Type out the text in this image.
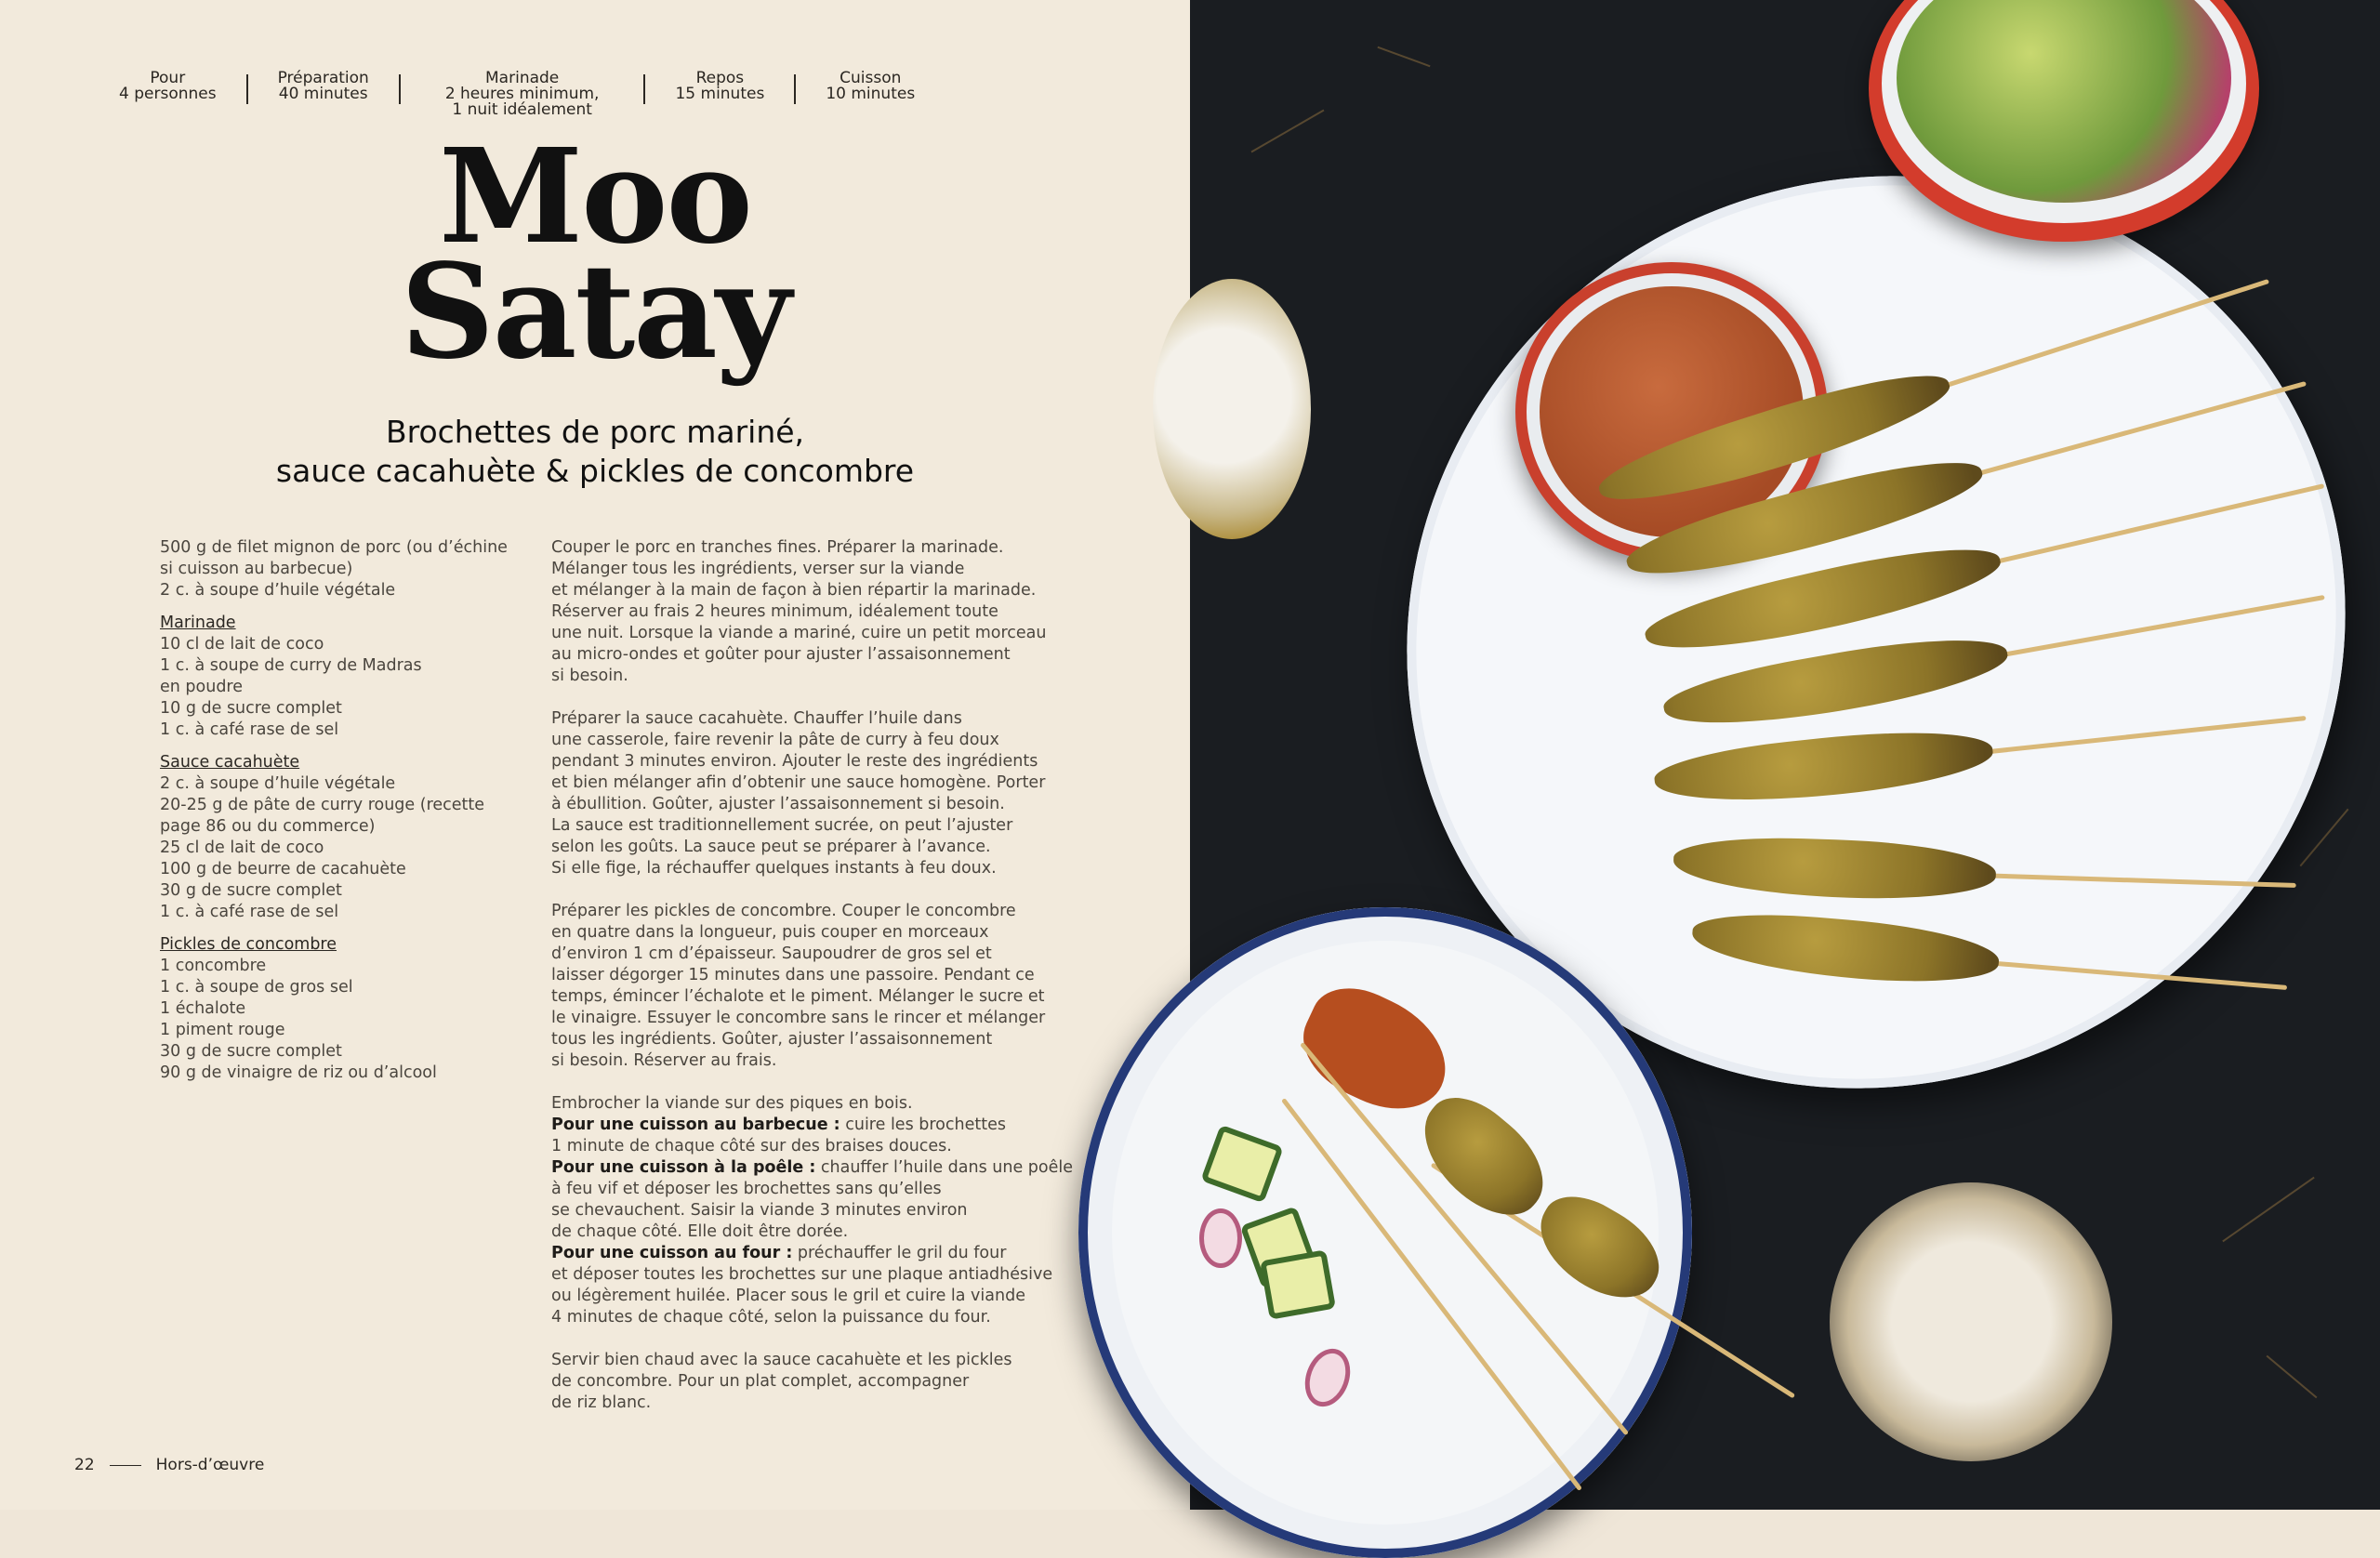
Pour
4 personnes
Préparation
40 minutes
Marinade
2 heures minimum,
1 nuit idéalement
Repos
15 minutes
Cuisson
10 minutes
Moo
Satay
Brochettes de porc mariné,
sauce cacahuète & pickles de concombre
500 g de filet mignon de porc (ou d’échine
si cuisson au barbecue)
2 c. à soupe d’huile végétale
Marinade
10 cl de lait de coco
1 c. à soupe de curry de Madras
en poudre
10 g de sucre complet
1 c. à café rase de sel
Sauce cacahuète
2 c. à soupe d’huile végétale
20-25 g de pâte de curry rouge (recette
page 86 ou du commerce)
25 cl de lait de coco
100 g de beurre de cacahuète
30 g de sucre complet
1 c. à café rase de sel
Pickles de concombre
1 concombre
1 c. à soupe de gros sel
1 échalote
1 piment rouge
30 g de sucre complet
90 g de vinaigre de riz ou d’alcool
Couper le porc en tranches fines. Préparer la marinade.
Mélanger tous les ingrédients, verser sur la viande
et mélanger à la main de façon à bien répartir la marinade.
Réserver au frais 2 heures minimum, idéalement toute
une nuit. Lorsque la viande a mariné, cuire un petit morceau
au micro-ondes et goûter pour ajuster l’assaisonnement
si besoin.
Préparer la sauce cacahuète. Chauffer l’huile dans
une casserole, faire revenir la pâte de curry à feu doux
pendant 3 minutes environ. Ajouter le reste des ingrédients
et bien mélanger afin d’obtenir une sauce homogène. Porter
à ébullition. Goûter, ajuster l’assaisonnement si besoin.
La sauce est traditionnellement sucrée, on peut l’ajuster
selon les goûts. La sauce peut se préparer à l’avance.
Si elle fige, la réchauffer quelques instants à feu doux.
Préparer les pickles de concombre. Couper le concombre
en quatre dans la longueur, puis couper en morceaux
d’environ 1 cm d’épaisseur. Saupoudrer de gros sel et
laisser dégorger 15 minutes dans une passoire. Pendant ce
temps, émincer l’échalote et le piment. Mélanger le sucre et
le vinaigre. Essuyer le concombre sans le rincer et mélanger
tous les ingrédients. Goûter, ajuster l’assaisonnement
si besoin. Réserver au frais.
Embrocher la viande sur des piques en bois.
Pour une cuisson au barbecue : cuire les brochettes
1 minute de chaque côté sur des braises douces.
Pour une cuisson à la poêle : chauffer l’huile dans une poêle
à feu vif et déposer les brochettes sans qu’elles
se chevauchent. Saisir la viande 3 minutes environ
de chaque côté. Elle doit être dorée.
Pour une cuisson au four : préchauffer le gril du four
et déposer toutes les brochettes sur une plaque antiadhésive
ou légèrement huilée. Placer sous le gril et cuire la viande
4 minutes de chaque côté, selon la puissance du four.
Servir bien chaud avec la sauce cacahuète et les pickles
de concombre. Pour un plat complet, accompagner
de riz blanc.
22	Hors-d’œuvre
